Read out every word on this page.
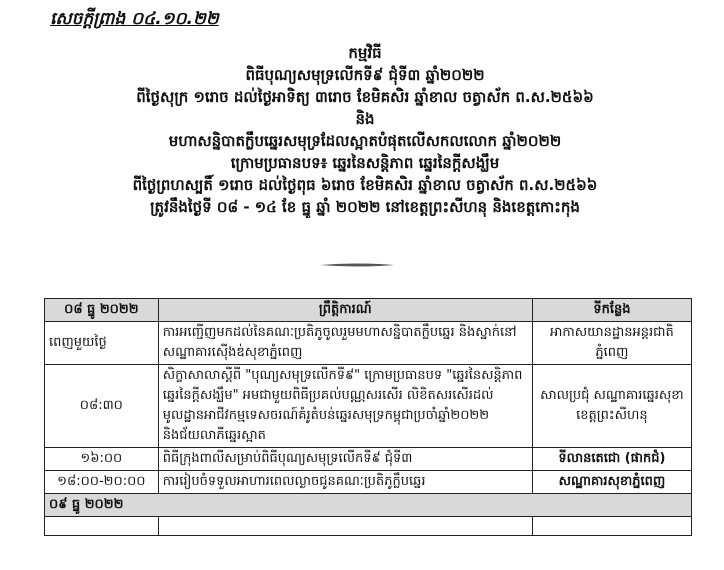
សេចក្តីព្រាង ០៤.១០.២២
កម្មវិធី
ពិធីបុណ្យសមុទ្រលើកទី៩ ជុំទី៣ ឆ្នាំ២០២២
ពីថ្ងៃសុក្រ ១រោច ដល់ថ្ងៃអាទិត្យ ៣រោច ខែមិគសិរ ឆ្នាំខាល ចត្វាស័ក ព.ស.២៥៦៦
និង
មហាសន្និបាតក្លឹបឆ្នេរសមុទ្រដែលស្អាតបំផុតលើសកលលោក ឆ្នាំ២០២២
ក្រោមប្រធានបទ៖ ឆ្នេរនៃសន្តិភាព ឆ្នេរនៃក្តីសង្ឃឹម
ពីថ្ងៃព្រហស្បតិ៍ ១រោច ដល់ថ្ងៃពុធ ៦រោច ខែមិគសិរ ឆ្នាំខាល ចត្វាស័ក ព.ស.២៥៦៦
ត្រូវនឹងថ្ងៃទី ០៨ - ១៤ ខែ ធ្នូ ឆ្នាំ ២០២២ នៅខេត្តព្រះសីហនុ និងខេត្តកោះកុង
០៨ ធ្នូ ២០២២	ព្រឹត្តិការណ៍	ទីកន្លែង
ពេញមួយថ្ងៃ	ការអញ្ជើញមកដល់នៃគណៈប្រតិភូចូលរួមមហាសន្និបាតក្លឹបឆ្នេរ និងស្នាក់នៅសណ្ឋាគារស៊ើងឌ់សុខាភ្នំពេញ	អាកាសយានដ្ឋានអន្តរជាតិភ្នំពេញ
០៨:៣០	សិក្ខាសាលាស្តីពី "បុណ្យសមុទ្រលើកទី៩" ក្រោមប្រធានបទ "ឆ្នេរនៃសន្តិភាព ឆ្នេរនៃក្តីសង្ឃឹម" អមជាមួយពិធីប្រគល់បណ្ណសរសើរ លិខិតសរសើរដល់មូលដ្ឋានអាជីវកម្មទេសចរណ៍គំរូតំបន់ឆ្នេរសមុទ្រកម្ពុជាប្រចាំឆ្នាំ២០២២ និងជ័យលាភីឆ្នេរស្អាត	សាលប្រជុំ សណ្ឋាគារឆ្នេរសុខា ខេត្តព្រះសីហនុ
១៦:០០	ពិធីក្រុងពាលីសម្រាប់ពិធីបុណ្យសមុទ្រលើកទី៩ ជុំទី៣	ទីលានតេជោ (ផាកជំ)
១៨:០០-២០:០០	ការរៀបចំទទួលអាហារពេលល្ងាចជូនគណៈប្រតិភូក្លឹបឆ្នេរ	សណ្ឋាគារសុខាភ្នំពេញ
០៩ ធ្នូ ២០២២		
